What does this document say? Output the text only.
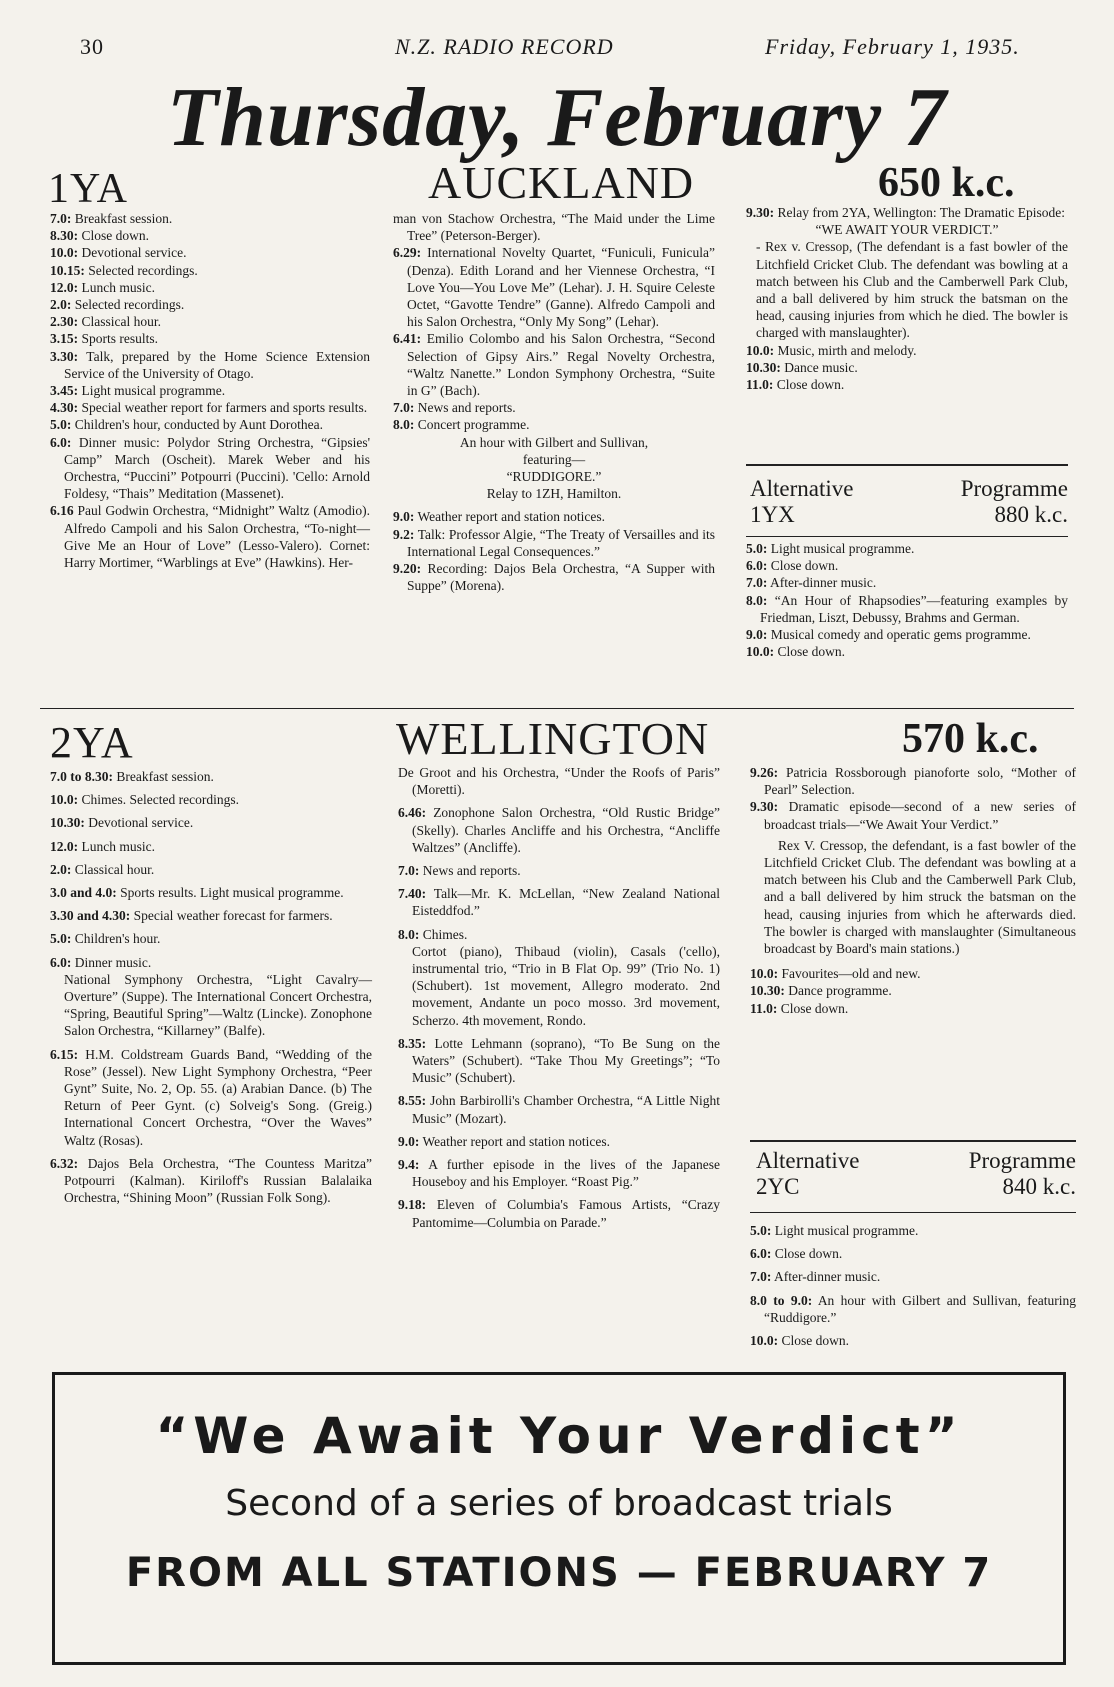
30	N.Z. RADIO RECORD	Friday, February 1, 1935.
Thursday, February 7
1YA	AUCKLAND	650 k.c.
7.0: Breakfast session.
8.30: Close down.
10.0: Devotional service.
10.15: Selected recordings.
12.0: Lunch music.
2.0: Selected recordings.
2.30: Classical hour.
3.15: Sports results.
3.30: Talk, prepared by the Home Science Extension Service of the University of Otago.
3.45: Light musical programme.
4.30: Special weather report for farmers and sports results.
5.0: Children's hour, conducted by Aunt Dorothea.
6.0: Dinner music: Polydor String Orchestra, “Gipsies' Camp” March (Oscheit). Marek Weber and his Orchestra, “Puccini” Potpourri (Puccini). 'Cello: Arnold Foldesy, “Thais” Meditation (Massenet).
6.16 Paul Godwin Orchestra, “Midnight” Waltz (Amodio). Alfredo Campoli and his Salon Orchestra, “To-night—Give Me an Hour of Love” (Lesso-Valero). Cornet: Harry Mortimer, “Warblings at Eve” (Hawkins). Her-
man von Stachow Orchestra, “The Maid under the Lime Tree” (Peterson-Berger).
6.29: International Novelty Quartet, “Funiculi, Funicula” (Denza). Edith Lorand and her Viennese Orchestra, “I Love You—You Love Me” (Lehar). J. H. Squire Celeste Octet, “Gavotte Tendre” (Ganne). Alfredo Campoli and his Salon Orchestra, “Only My Song” (Lehar).
6.41: Emilio Colombo and his Salon Orchestra, “Second Selection of Gipsy Airs.” Regal Novelty Orchestra, “Waltz Nanette.” London Symphony Orchestra, “Suite in G” (Bach).
7.0: News and reports.
8.0: Concert programme.
An hour with Gilbert and Sullivan,
featuring—
“RUDDIGORE.”
Relay to 1ZH, Hamilton.
9.0: Weather report and station notices.
9.2: Talk: Professor Algie, “The Treaty of Versailles and its International Legal Consequences.”
9.20: Recording: Dajos Bela Orchestra, “A Supper with Suppe” (Morena).
9.30: Relay from 2YA, Wellington: The Dramatic Episode:
“WE AWAIT YOUR VERDICT.”
- Rex v. Cressop, (The defendant is a fast bowler of the Litchfield Cricket Club. The defendant was bowling at a match between his Club and the Camberwell Park Club, and a ball delivered by him struck the batsman on the head, causing injuries from which he died. The bowler is charged with manslaughter).
10.0: Music, mirth and melody.
10.30: Dance music.
11.0: Close down.
Alternative
1YX
Programme
880 k.c.
5.0: Light musical programme.
6.0: Close down.
7.0: After-dinner music.
8.0: “An Hour of Rhapsodies”—featuring examples by Friedman, Liszt, Debussy, Brahms and German.
9.0: Musical comedy and operatic gems programme.
10.0: Close down.
2YA	WELLINGTON	570 k.c.
7.0 to 8.30: Breakfast session.
10.0: Chimes. Selected recordings.
10.30: Devotional service.
12.0: Lunch music.
2.0: Classical hour.
3.0 and 4.0: Sports results. Light musical programme.
3.30 and 4.30: Special weather forecast for farmers.
5.0: Children's hour.
6.0: Dinner music.
National Symphony Orchestra, “Light Cavalry—Overture” (Suppe). The International Concert Orchestra, “Spring, Beautiful Spring”—Waltz (Lincke). Zonophone Salon Orchestra, “Killarney” (Balfe).
6.15: H.M. Coldstream Guards Band, “Wedding of the Rose” (Jessel). New Light Symphony Orchestra, “Peer Gynt” Suite, No. 2, Op. 55. (a) Arabian Dance. (b) The Return of Peer Gynt. (c) Solveig's Song. (Greig.) International Concert Orchestra, “Over the Waves” Waltz (Rosas).
6.32: Dajos Bela Orchestra, “The Countess Maritza” Potpourri (Kalman). Kiriloff's Russian Balalaika Orchestra, “Shining Moon” (Russian Folk Song).
De Groot and his Orchestra, “Under the Roofs of Paris” (Moretti).
6.46: Zonophone Salon Orchestra, “Old Rustic Bridge” (Skelly). Charles Ancliffe and his Orchestra, “Ancliffe Waltzes” (Ancliffe).
7.0: News and reports.
7.40: Talk—Mr. K. McLellan, “New Zealand National Eisteddfod.”
8.0: Chimes.
Cortot (piano), Thibaud (violin), Casals ('cello), instrumental trio, “Trio in B Flat Op. 99” (Trio No. 1) (Schubert). 1st movement, Allegro moderato. 2nd movement, Andante un poco mosso. 3rd movement, Scherzo. 4th movement, Rondo.
8.35: Lotte Lehmann (soprano), “To Be Sung on the Waters” (Schubert). “Take Thou My Greetings”; “To Music” (Schubert).
8.55: John Barbirolli's Chamber Orchestra, “A Little Night Music” (Mozart).
9.0: Weather report and station notices.
9.4: A further episode in the lives of the Japanese Houseboy and his Employer. “Roast Pig.”
9.18: Eleven of Columbia's Famous Artists, “Crazy Pantomime—Columbia on Parade.”
9.26: Patricia Rossborough pianoforte solo, “Mother of Pearl” Selection.
9.30: Dramatic episode—second of a new series of broadcast trials—“We Await Your Verdict.”
Rex V. Cressop, the defendant, is a fast bowler of the Litchfield Cricket Club. The defendant was bowling at a match between his Club and the Camberwell Park Club, and a ball delivered by him struck the batsman on the head, causing injuries from which he afterwards died. The bowler is charged with manslaughter (Simultaneous broadcast by Board's main stations.)
10.0: Favourites—old and new.
10.30: Dance programme.
11.0: Close down.
Alternative
2YC
Programme
840 k.c.
5.0: Light musical programme.
6.0: Close down.
7.0: After-dinner music.
8.0 to 9.0: An hour with Gilbert and Sullivan, featuring “Ruddigore.”
10.0: Close down.
“We Await Your Verdict”
Second of a series of broadcast trials
FROM ALL STATIONS — FEBRUARY 7
